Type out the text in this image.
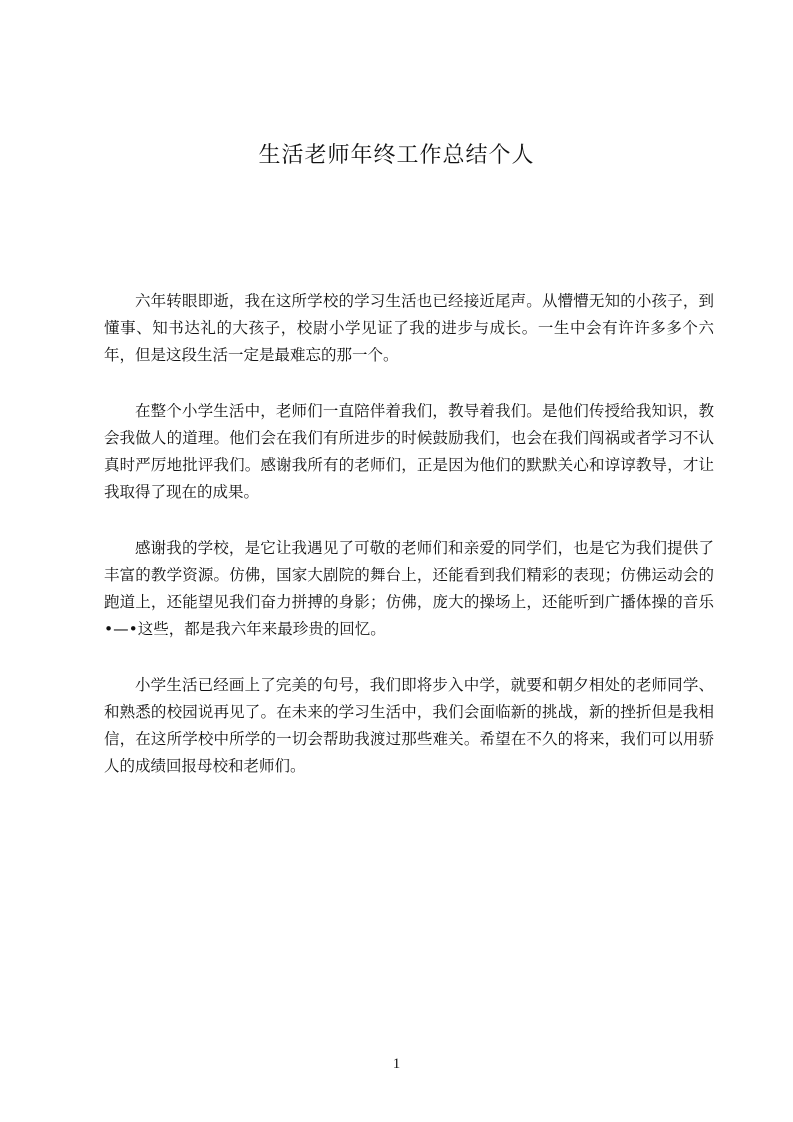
生活老师年终工作总结个人

六年转眼即逝，我在这所学校的学习生活也已经接近尾声。从懵懵无知的小孩子，到懂事、知书达礼的大孩子，校尉小学见证了我的进步与成长。一生中会有许许多多个六年，但是这段生活一定是最难忘的那一个。

在整个小学生活中，老师们一直陪伴着我们，教导着我们。是他们传授给我知识，教会我做人的道理。他们会在我们有所进步的时候鼓励我们，也会在我们闯祸或者学习不认真时严厉地批评我们。感谢我所有的老师们，正是因为他们的默默关心和谆谆教导，才让我取得了现在的成果。

感谢我的学校，是它让我遇见了可敬的老师们和亲爱的同学们，也是它为我们提供了丰富的教学资源。仿佛，国家大剧院的舞台上，还能看到我们精彩的表现；仿佛运动会的跑道上，还能望见我们奋力拼搏的身影；仿佛，庞大的操场上，还能听到广播体操的音乐•—•这些，都是我六年来最珍贵的回忆。

小学生活已经画上了完美的句号，我们即将步入中学，就要和朝夕相处的老师同学、和熟悉的校园说再见了。在未来的学习生活中，我们会面临新的挑战，新的挫折但是我相信，在这所学校中所学的一切会帮助我渡过那些难关。希望在不久的将来，我们可以用骄人的成绩回报母校和老师们。

1
